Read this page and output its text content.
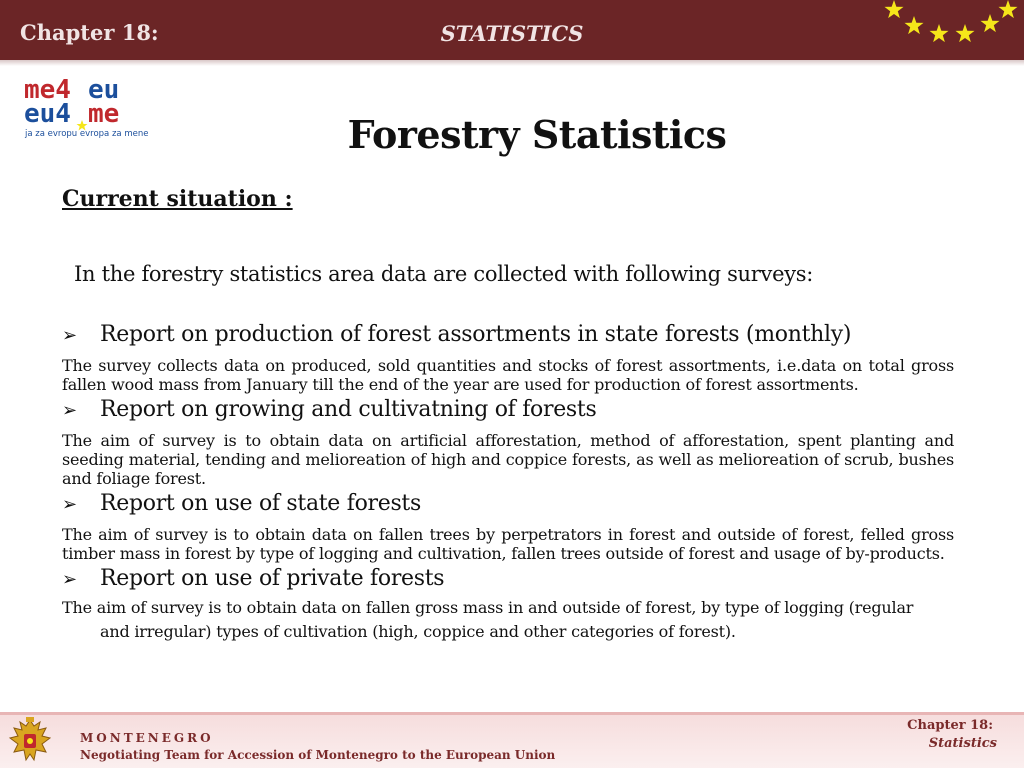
Chapter 18:	STATISTICS
me4 eu
eu4 me
ja za evropu evropa za mene	Forestry Statistics
Current situation :
In the forestry statistics area data are collected with following surveys:
➢ Report on production of forest assortments in state forests (monthly)
The survey collects data on produced, sold quantities and stocks of forest assortments, i.e.data on total gross fallen wood mass from January till the end of the year are used for production of forest assortments.
➢ Report on growing and cultivatning of forests
The aim of survey is to obtain data on artificial afforestation, method of afforestation, spent planting and seeding material, tending and melioreation of high and coppice forests, as well as melioreation of scrub, bushes and foliage forest.
➢ Report on use of state forests
The aim of survey is to obtain data on fallen trees by perpetrators in forest and outside of forest, felled gross timber mass in forest by type of logging and cultivation, fallen trees outside of forest and usage of by-products.
➢ Report on use of private forests
The aim of survey is to obtain data on fallen gross mass in and outside of forest, by type of logging (regular
and irregular) types of cultivation (high, coppice and other categories of forest).
MONTENEGRO
Negotiating Team for Accession of Montenegro to the European Union
Chapter 18:
Statistics
